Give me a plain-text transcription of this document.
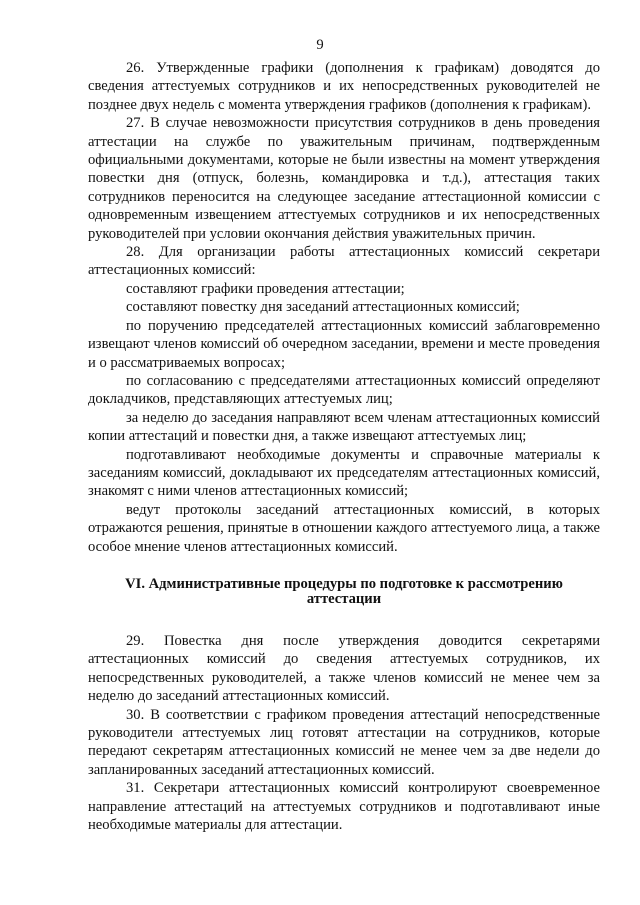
9

26. Утвержденные графики (дополнения к графикам) доводятся до сведения аттестуемых сотрудников и их непосредственных руководителей не позднее двух недель с момента утверждения графиков (дополнения к графикам).

27. В случае невозможности присутствия сотрудников в день проведения аттестации на службе по уважительным причинам, подтвержденным официальными документами, которые не были известны на момент утверждения повестки дня (отпуск, болезнь, командировка и т.д.), аттестация таких сотрудников переносится на следующее заседание аттестационной комиссии с одновременным извещением аттестуемых сотрудников и их непосредственных руководителей при условии окончания действия уважительных причин.

28. Для организации работы аттестационных комиссий секретари аттестационных комиссий:

составляют графики проведения аттестации;

составляют повестку дня заседаний аттестационных комиссий;

по поручению председателей аттестационных комиссий заблаговременно извещают членов комиссий об очередном заседании, времени и месте проведения и о рассматриваемых вопросах;

по согласованию с председателями аттестационных комиссий определяют докладчиков, представляющих аттестуемых лиц;

за неделю до заседания направляют всем членам аттестационных комиссий копии аттестаций и повестки дня, а также извещают аттестуемых лиц;

подготавливают необходимые документы и справочные материалы к заседаниям комиссий, докладывают их председателям аттестационных комиссий, знакомят с ними членов аттестационных комиссий;

ведут протоколы заседаний аттестационных комиссий, в которых отражаются решения, принятые в отношении каждого аттестуемого лица, а также особое мнение членов аттестационных комиссий.

VI. Административные процедуры по подготовке к рассмотрению аттестации

29. Повестка дня после утверждения доводится секретарями аттестационных комиссий до сведения аттестуемых сотрудников, их непосредственных руководителей, а также членов комиссий не менее чем за неделю до заседаний аттестационных комиссий.

30. В соответствии с графиком проведения аттестаций непосредственные руководители аттестуемых лиц готовят аттестации на сотрудников, которые передают секретарям аттестационных комиссий не менее чем за две недели до запланированных заседаний аттестационных комиссий.

31. Секретари аттестационных комиссий контролируют своевременное направление аттестаций на аттестуемых сотрудников и подготавливают иные необходимые материалы для аттестации.
